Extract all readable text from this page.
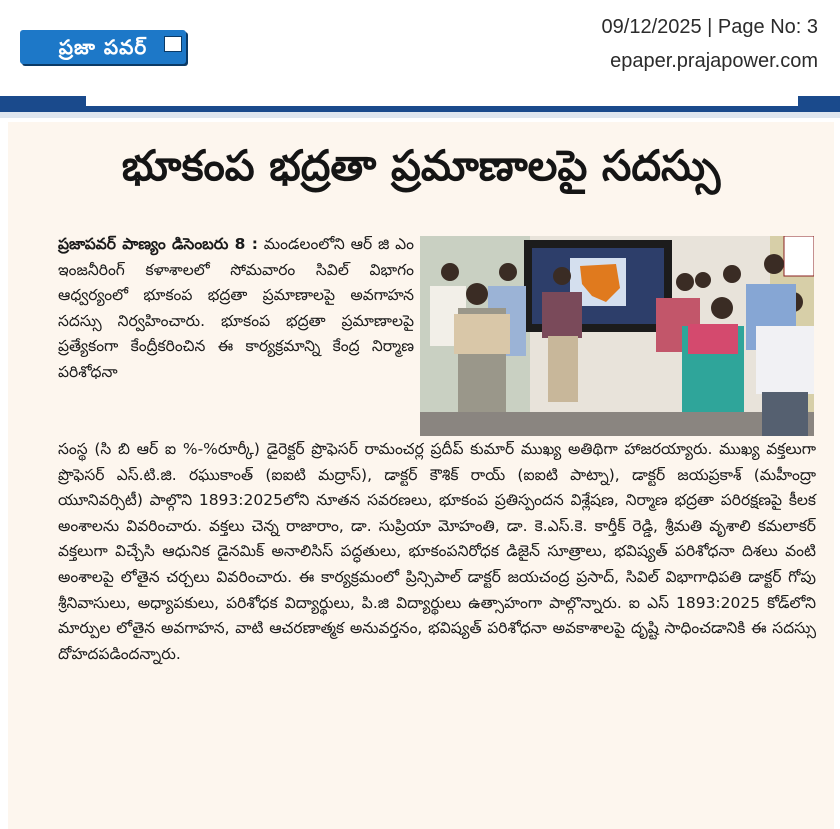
ప్రజా పవర్
09/12/2025 | Page No: 3
epaper.prajapower.com
భూకంప భద్రతా ప్రమాణాలపై సదస్సు
ప్రజాపవర్ పాణ్యం డిసెంబరు 8 : మండలంలోని ఆర్ జి ఎం ఇంజనీరింగ్ కళాశాలలో సోమవారం సివిల్ విభాగం ఆధ్వర్యంలో భూకంప భద్రతా ప్రమాణాలపై అవగాహన సదస్సు నిర్వహించారు. భూకంప భద్రతా ప్రమాణాలపై ప్రత్యేకంగా కేంద్రీకరించిన ఈ కార్యక్రమాన్ని కేంద్ర నిర్మాణ పరిశోధనా
సంస్థ (సి బి ఆర్ ఐ %-%రూర్కీ) డైరెక్టర్ ప్రొఫెసర్ రామంచర్ల ప్రదీప్ కుమార్ ముఖ్య అతిథిగా హాజరయ్యారు. ముఖ్య వక్తలుగా ప్రొఫెసర్ ఎస్.టి.జి. రఘుకాంత్ (ఐఐటి మద్రాస్), డాక్టర్ కౌశిక్ రాయ్ (ఐఐటి పాట్నా), డాక్టర్ జయప్రకాశ్ (మహీంద్రా యూనివర్సిటీ) పాల్గొని 1893:2025లోని నూతన సవరణలు, భూకంప ప్రతిస్పందన విశ్లేషణ, నిర్మాణ భద్రతా పరిరక్షణపై కీలక అంశాలను వివరించారు. వక్తలు చెన్న రాజారాం, డా. సుప్రియా మోహంతి, డా. కె.ఎస్.కె. కార్తీక్ రెడ్డి, శ్రీమతి వృశాలి కమలాకర్ వక్తలుగా విచ్చేసి ఆధునిక డైనమిక్ అనాలిసిస్ పద్ధతులు, భూకంపనిరోధక డిజైన్ సూత్రాలు, భవిష్యత్ పరిశోధనా దిశలు వంటి అంశాలపై లోతైన చర్చలు వివరించారు. ఈ కార్యక్రమంలో ప్రిన్సిపాల్ డాక్టర్ జయచంద్ర ప్రసాద్, సివిల్ విభాగాధిపతి డాక్టర్ గోపు శ్రీనివాసులు, అధ్యాపకులు, పరిశోధక విద్యార్థులు, పి.జి విద్యార్థులు ఉత్సాహంగా పాల్గొన్నారు. ఐ ఎస్ 1893:2025 కోడ్‌లోని మార్పుల లోతైన అవగాహన, వాటి ఆచరణాత్మక అనువర్తనం, భవిష్యత్ పరిశోధనా అవకాశాలపై దృష్టి సాధించడానికి ఈ సదస్సు దోహదపడిందన్నారు.
